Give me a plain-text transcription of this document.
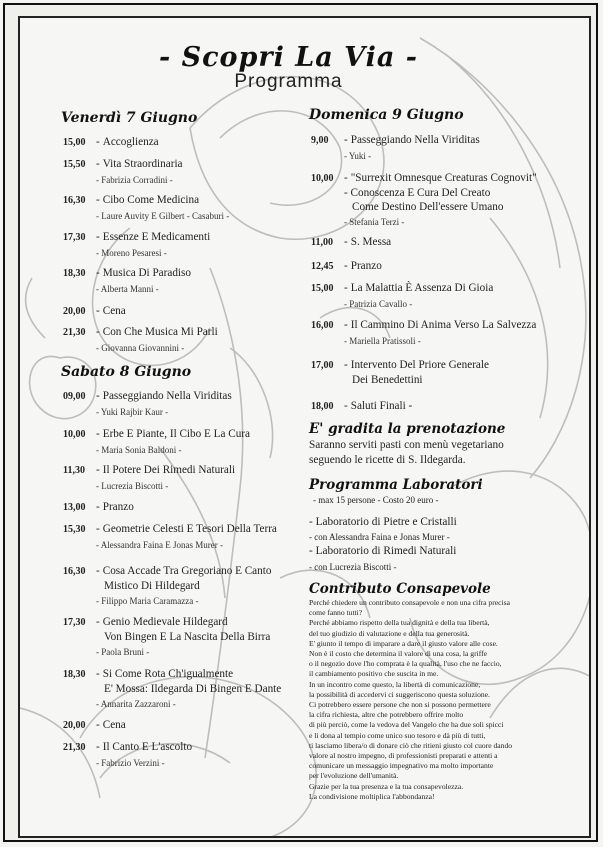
- Scopri La Via -
Programma
Venerdì 7 Giugno
15,00 - Accoglienza
15,50 - Vita Straordinaria
- Fabrizia Corradini -
16,30 - Cibo Come Medicina
- Laure Auvity E Gilbert - Casaburi -
17,30 - Essenze E Medicamenti
- Moreno Pesaresi -
18,30 - Musica Di Paradiso
- Alberta Manni -
20,00 - Cena
21,30 - Con Che Musica Mi Parli
- Giovanna Giovannini -
Sabato 8 Giugno
09,00 - Passeggiando Nella Viriditas
- Yuki Rajbir Kaur -
10,00 - Erbe E Piante, Il Cibo E La Cura
- Maria Sonia Baldoni -
11,30 - Il Potere Dei Rimedi Naturali
- Lucrezia Biscotti -
13,00 - Pranzo
15,30 - Geometrie Celesti E Tesori Della Terra
- Alessandra Faina E Jonas Murer -
16,30 - Cosa Accade Tra Gregoriano E Canto
Mistico Di Hildegard
- Filippo Maria Caramazza -
17,30 - Genio Medievale Hildegard
Von Bingen E La Nascita Della Birra
- Paola Bruni -
18,30 - Si Come Rota Ch'igualmente
E' Mossa: Ildegarda Di Bingen E Dante
- Annarita Zazzaroni -
20,00 - Cena
21,30 - Il Canto E L'ascolto
- Fabrizio Verzini -
Domenica 9 Giugno
9,00 - Passeggiando Nella Viriditas
- Yuki -
10,00 - "Surrexit Omnesque Creaturas Cognovit"
- Conoscenza E Cura Del Creato
Come Destino Dell'essere Umano
- Stefania Terzi -
11,00 - S. Messa
12,45 - Pranzo
15,00 - La Malattia È Assenza Di Gioia
- Patrizia Cavallo -
16,00 - Il Cammino Di Anima Verso La Salvezza
- Mariella Pratissoli -
17,00 - Intervento Del Priore Generale
Dei Benedettini
18,00 - Saluti Finali -
E' gradita la prenotazione
Saranno serviti pasti con menù vegetariano
seguendo le ricette di S. Ildegarda.
Programma Laboratori
- max 15 persone - Costo 20 euro -
- Laboratorio di Pietre e Cristalli
- con Alessandra Faina e Jonas Murer -
- Laboratorio di Rimedi Naturali
- con Lucrezia Biscotti -
Contributo Consapevole
Perché chiedere un contributo consapevole e non una cifra precisa
come fanno tutti?
Perché abbiamo rispetto della tua dignità e della tua libertà,
del tuo giudizio di valutazione e della tua generosità.
E' giunto il tempo di imparare a dare il giusto valore alle cose.
Non è il costo che determina il valore di una cosa, la griffe
o il negozio dove l'ho comprata è la qualità, l'uso che ne faccio,
il cambiamento positivo che suscita in me.
In un incontro come questo, la libertà di comunicazione,
la possibilità di accedervi ci suggeriscono questa soluzione.
Ci potrebbero essere persone che non si possono permettere
la cifra richiesta, altre che potrebbero offrire molto
di più perciò, come la vedova del Vangelo che ha due soli spicci
e li dona al tempio come unico suo tesoro e dà più di tutti,
ti lasciamo libera/o di donare ciò che ritieni giusto col cuore dando
valore al nostro impegno, di professionisti preparati e attenti a
comunicare un messaggio impegnativo ma molto importante
per l'evoluzione dell'umanità.
Grazie per la tua presenza e la tua consapevolezza.
La condivisione moltiplica l'abbondanza!
